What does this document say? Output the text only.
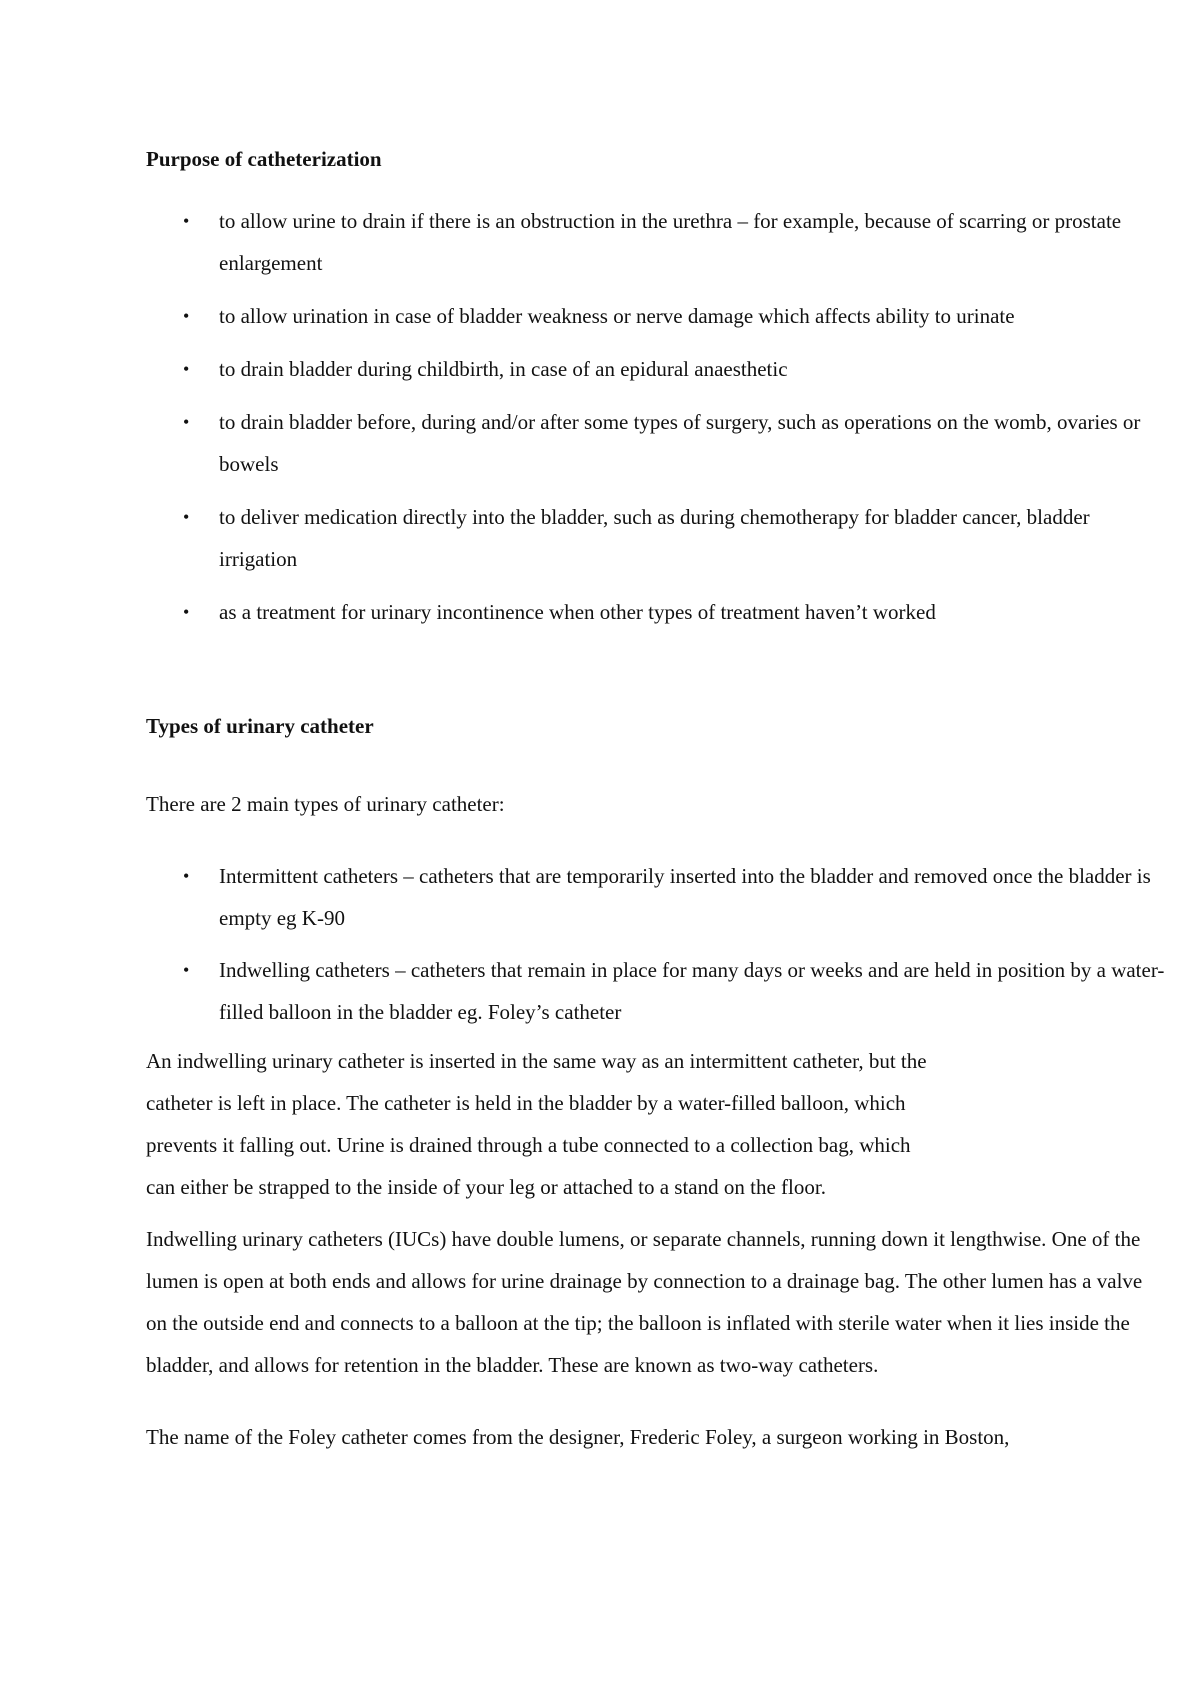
Purpose of catheterization
• to allow urine to drain if there is an obstruction in the urethra – for example, because of scarring or prostate enlargement
• to allow urination in case of bladder weakness or nerve damage which affects ability to urinate
• to drain bladder during childbirth, in case of an epidural anaesthetic
• to drain bladder before, during and/or after some types of surgery, such as operations on the womb, ovaries or bowels
• to deliver medication directly into the bladder, such as during chemotherapy for bladder cancer, bladder irrigation
• as a treatment for urinary incontinence when other types of treatment haven’t worked
Types of urinary catheter

There are 2 main types of urinary catheter:

• Intermittent catheters – catheters that are temporarily inserted into the bladder and removed once the bladder is empty eg K-90
• Indwelling catheters – catheters that remain in place for many days or weeks and are held in position by a water-filled balloon in the bladder eg. Foley’s catheter

An indwelling urinary catheter is inserted in the same way as an intermittent catheter, but the
catheter is left in place. The catheter is held in the bladder by a water-filled balloon, which
prevents it falling out. Urine is drained through a tube connected to a collection bag, which
can either be strapped to the inside of your leg or attached to a stand on the floor.

Indwelling urinary catheters (IUCs) have double lumens, or separate channels, running down it lengthwise. One of the lumen is open at both ends and allows for urine drainage by connection to a drainage bag. The other lumen has a valve on the outside end and connects to a balloon at the tip; the balloon is inflated with sterile water when it lies inside the bladder, and allows for retention in the bladder. These are known as two-way catheters.

The name of the Foley catheter comes from the designer, Frederic Foley, a surgeon working in Boston,
